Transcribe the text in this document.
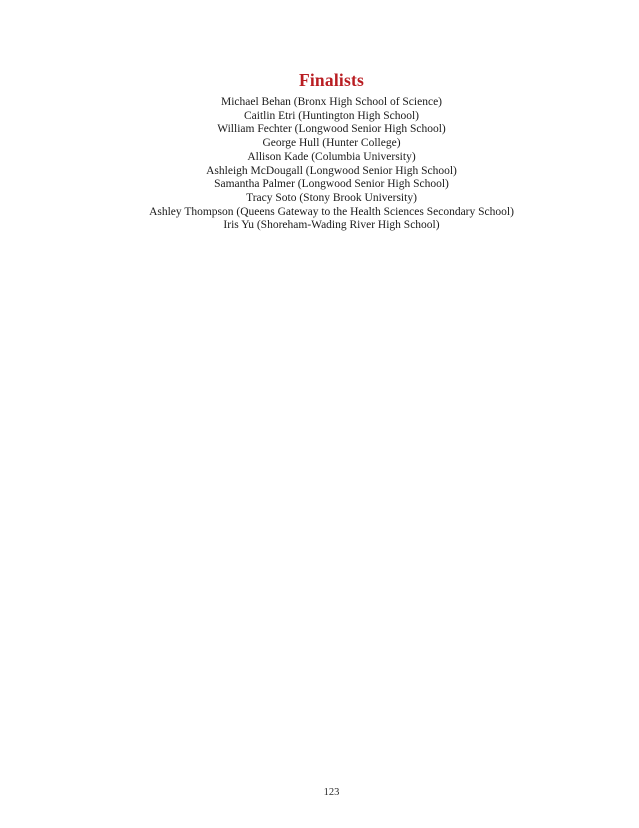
Finalists
Michael Behan (Bronx High School of Science)
Caitlin Etri (Huntington High School)
William Fechter (Longwood Senior High School)
George Hull (Hunter College)
Allison Kade (Columbia University)
Ashleigh McDougall (Longwood Senior High School)
Samantha Palmer (Longwood Senior High School)
Tracy Soto (Stony Brook University)
Ashley Thompson (Queens Gateway to the Health Sciences Secondary School)
Iris Yu (Shoreham-Wading River High School)
123
